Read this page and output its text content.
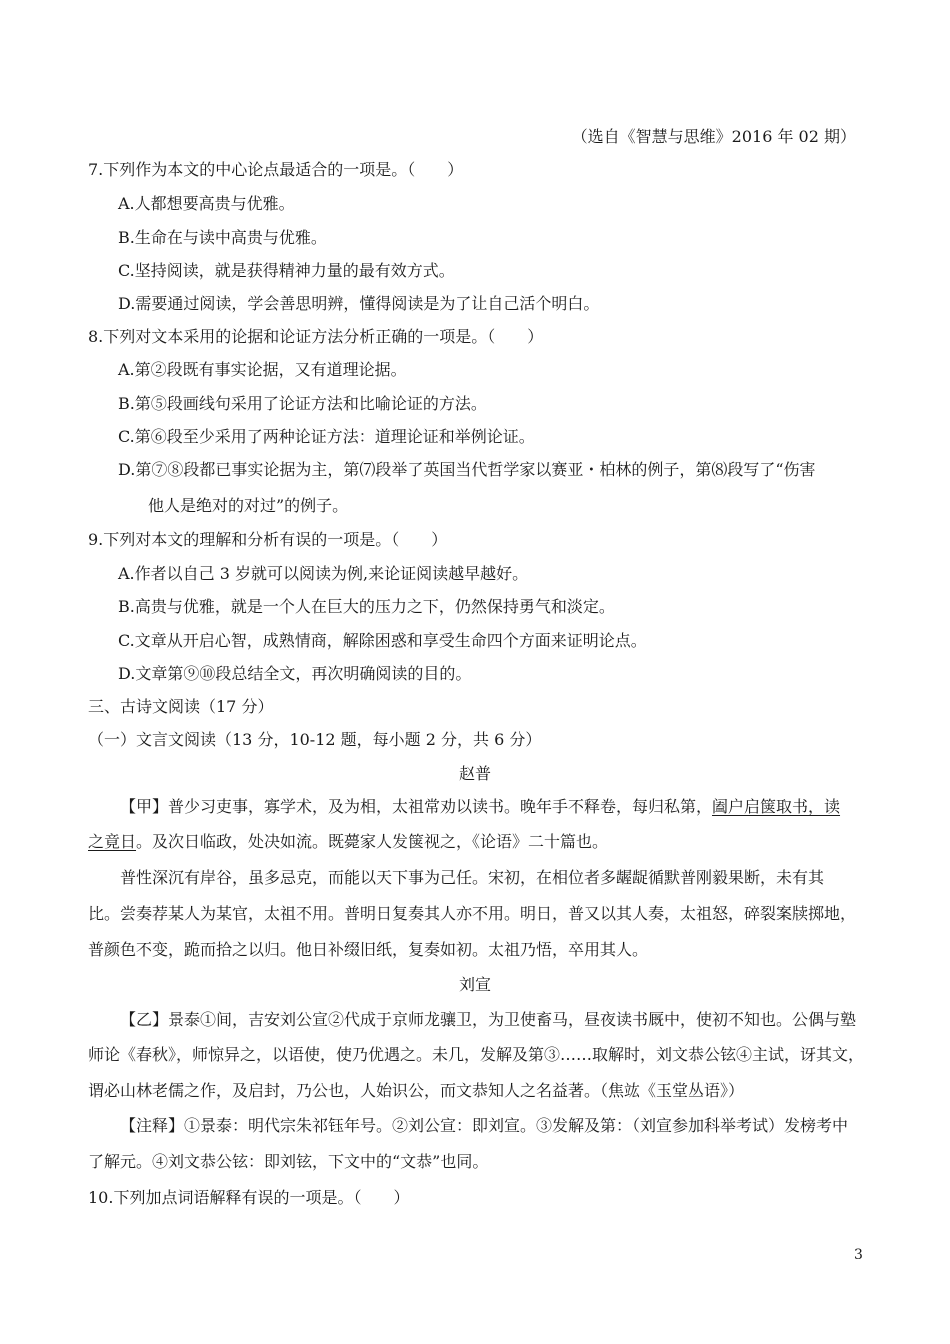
（选自《智慧与思维》2016 年 02 期）
7.下列作为本文的中心论点最适合的一项是。（　　）
A.人都想要高贵与优雅。
B.生命在与读中高贵与优雅。
C.坚持阅读，就是获得精神力量的最有效方式。
D.需要通过阅读，学会善思明辨，懂得阅读是为了让自己活个明白。
8.下列对文本采用的论据和论证方法分析正确的一项是。（　　）
A.第②段既有事实论据，又有道理论据。
B.第⑤段画线句采用了论证方法和比喻论证的方法。
C.第⑥段至少采用了两种论证方法：道理论证和举例论证。
D.第⑦⑧段都已事实论据为主，第⑺段举了英国当代哲学家以赛亚・柏林的例子，第⑻段写了“伤害
他人是绝对的对过”的例子。
9.下列对本文的理解和分析有误的一项是。（　　）
A.作者以自己 3 岁就可以阅读为例,来论证阅读越早越好。
B.高贵与优雅，就是一个人在巨大的压力之下，仍然保持勇气和淡定。
C.文章从开启心智，成熟情商，解除困惑和享受生命四个方面来证明论点。
D.文章第⑨⑩段总结全文，再次明确阅读的目的。
三、古诗文阅读（17 分）
（一）文言文阅读（13 分，10-12 题，每小题 2 分，共 6 分）
赵普
【甲】普少习吏事，寡学术，及为相，太祖常劝以读书。晚年手不释卷，每归私第，阖户启箧取书，读
之竟日。及次日临政，处决如流。既薨家人发箧视之，《论语》二十篇也。
普性深沉有岸谷，虽多忌克，而能以天下事为己任。宋初，在相位者多龌龊循默普刚毅果断，未有其
比。尝奏荐某人为某官，太祖不用。普明日复奏其人亦不用。明日，普又以其人奏，太祖怒，碎裂案牍掷地，
普颜色不变，跪而拾之以归。他日补缀旧纸，复奏如初。太祖乃悟，卒用其人。
刘宣
【乙】景泰①间，吉安刘公宣②代成于京师龙骧卫，为卫使畜马，昼夜读书厩中，使初不知也。公偶与塾
师论《春秋》，师惊异之，以语使，使乃优遇之。未几，发解及第③……取解时，刘文恭公铉④主试，讶其文，
谓必山林老儒之作，及启封，乃公也，人始识公，而文恭知人之名益著。（焦竑《玉堂丛语》）
【注释】①景泰：明代宗朱祁钰年号。②刘公宣：即刘宣。③发解及第：（刘宣参加科举考试）发榜考中
了解元。④刘文恭公铉：即刘铉，下文中的“文恭”也同。
10.下列加点词语解释有误的一项是。（　　）
3
